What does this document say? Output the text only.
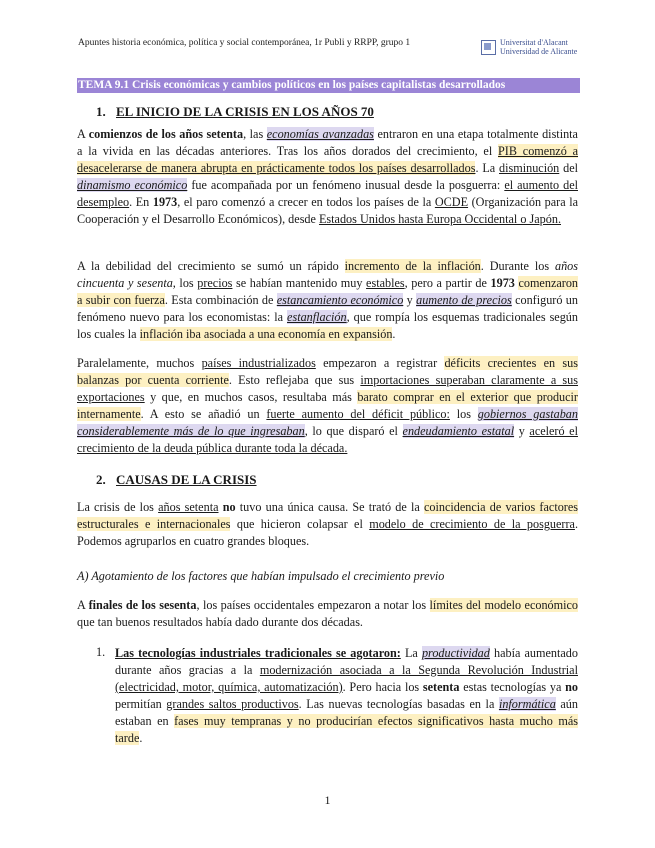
Apuntes historia económica, política y social contemporánea, 1r Publi y RRPP, grupo 1	Universitat d'Alacant
Universidad de Alicante
TEMA 9.1 Crisis económicas y cambios políticos en los países capitalistas desarrollados
1. EL INICIO DE LA CRISIS EN LOS AÑOS 70

A comienzos de los años setenta, las economías avanzadas entraron en una etapa totalmente distinta a la vivida en las décadas anteriores. Tras los años dorados del crecimiento, el PIB comenzó a desacelerarse de manera abrupta en prácticamente todos los países desarrollados. La disminución del dinamismo económico fue acompañada por un fenómeno inusual desde la posguerra: el aumento del desempleo. En 1973, el paro comenzó a crecer en todos los países de la OCDE (Organización para la Cooperación y el Desarrollo Económicos), desde Estados Unidos hasta Europa Occidental o Japón.

A la debilidad del crecimiento se sumó un rápido incremento de la inflación. Durante los años cincuenta y sesenta, los precios se habían mantenido muy estables, pero a partir de 1973 comenzaron a subir con fuerza. Esta combinación de estancamiento económico y aumento de precios configuró un fenómeno nuevo para los economistas: la estanflación, que rompía los esquemas tradicionales según los cuales la inflación iba asociada a una economía en expansión.

Paralelamente, muchos países industrializados empezaron a registrar déficits crecientes en sus balanzas por cuenta corriente. Esto reflejaba que sus importaciones superaban claramente a sus exportaciones y que, en muchos casos, resultaba más barato comprar en el exterior que producir internamente. A esto se añadió un fuerte aumento del déficit público: los gobiernos gastaban considerablemente más de lo que ingresaban, lo que disparó el endeudamiento estatal y aceleró el crecimiento de la deuda pública durante toda la década.

2. CAUSAS DE LA CRISIS

La crisis de los años setenta no tuvo una única causa. Se trató de la coincidencia de varios factores estructurales e internacionales que hicieron colapsar el modelo de crecimiento de la posguerra. Podemos agruparlos en cuatro grandes bloques.

A) Agotamiento de los factores que habían impulsado el crecimiento previo

A finales de los sesenta, los países occidentales empezaron a notar los límites del modelo económico que tan buenos resultados había dado durante dos décadas.

1. Las tecnologías industriales tradicionales se agotaron: La productividad había aumentado durante años gracias a la modernización asociada a la Segunda Revolución Industrial (electricidad, motor, química, automatización). Pero hacia los setenta estas tecnologías ya no permitían grandes saltos productivos. Las nuevas tecnologías basadas en la informática aún estaban en fases muy tempranas y no producirían efectos significativos hasta mucho más tarde.

1
